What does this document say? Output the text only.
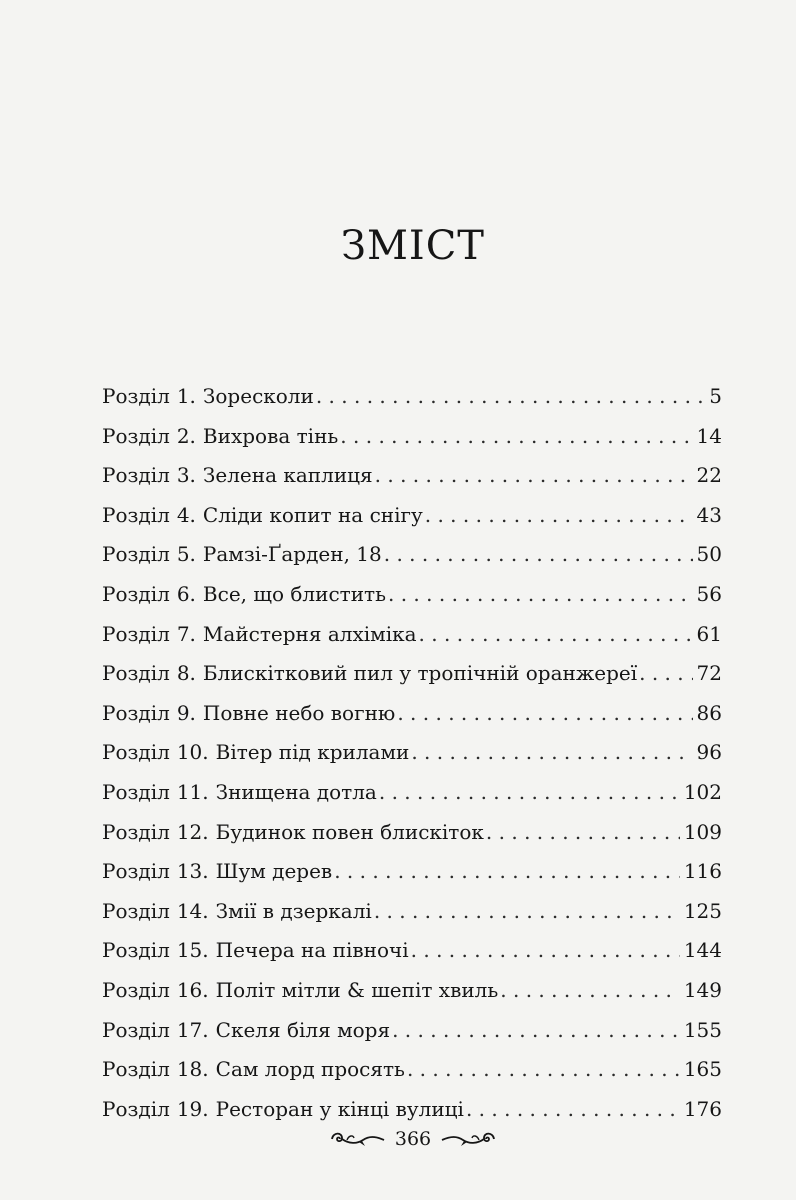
ЗМІСТ
Розділ 1. Зоресколи . . .	5
Розділ 2. Вихрова тінь . . .	14
Розділ 3. Зелена каплиця . . .	22
Розділ 4. Сліди копит на снігу . . .	43
Розділ 5. Рамзі-Ґарден, 18 . . .	50
Розділ 6. Все, що блистить . . .	56
Розділ 7. Майстерня алхіміка . . .	61
Розділ 8. Блискітковий пил у тропічній оранжереї . . .	72
Розділ 9. Повне небо вогню . . .	86
Розділ 10. Вітер під крилами . . .	96
Розділ 11. Знищена дотла . . .	102
Розділ 12. Будинок повен блискіток . . .	109
Розділ 13. Шум дерев . . .	116
Розділ 14. Змії в дзеркалі . . .	125
Розділ 15. Печера на півночі . . .	144
Розділ 16. Політ мітли & шепіт хвиль . . .	149
Розділ 17. Скеля біля моря . . .	155
Розділ 18. Сам лорд просять . . .	165
Розділ 19. Ресторан у кінці вулиці . . .	176
366
